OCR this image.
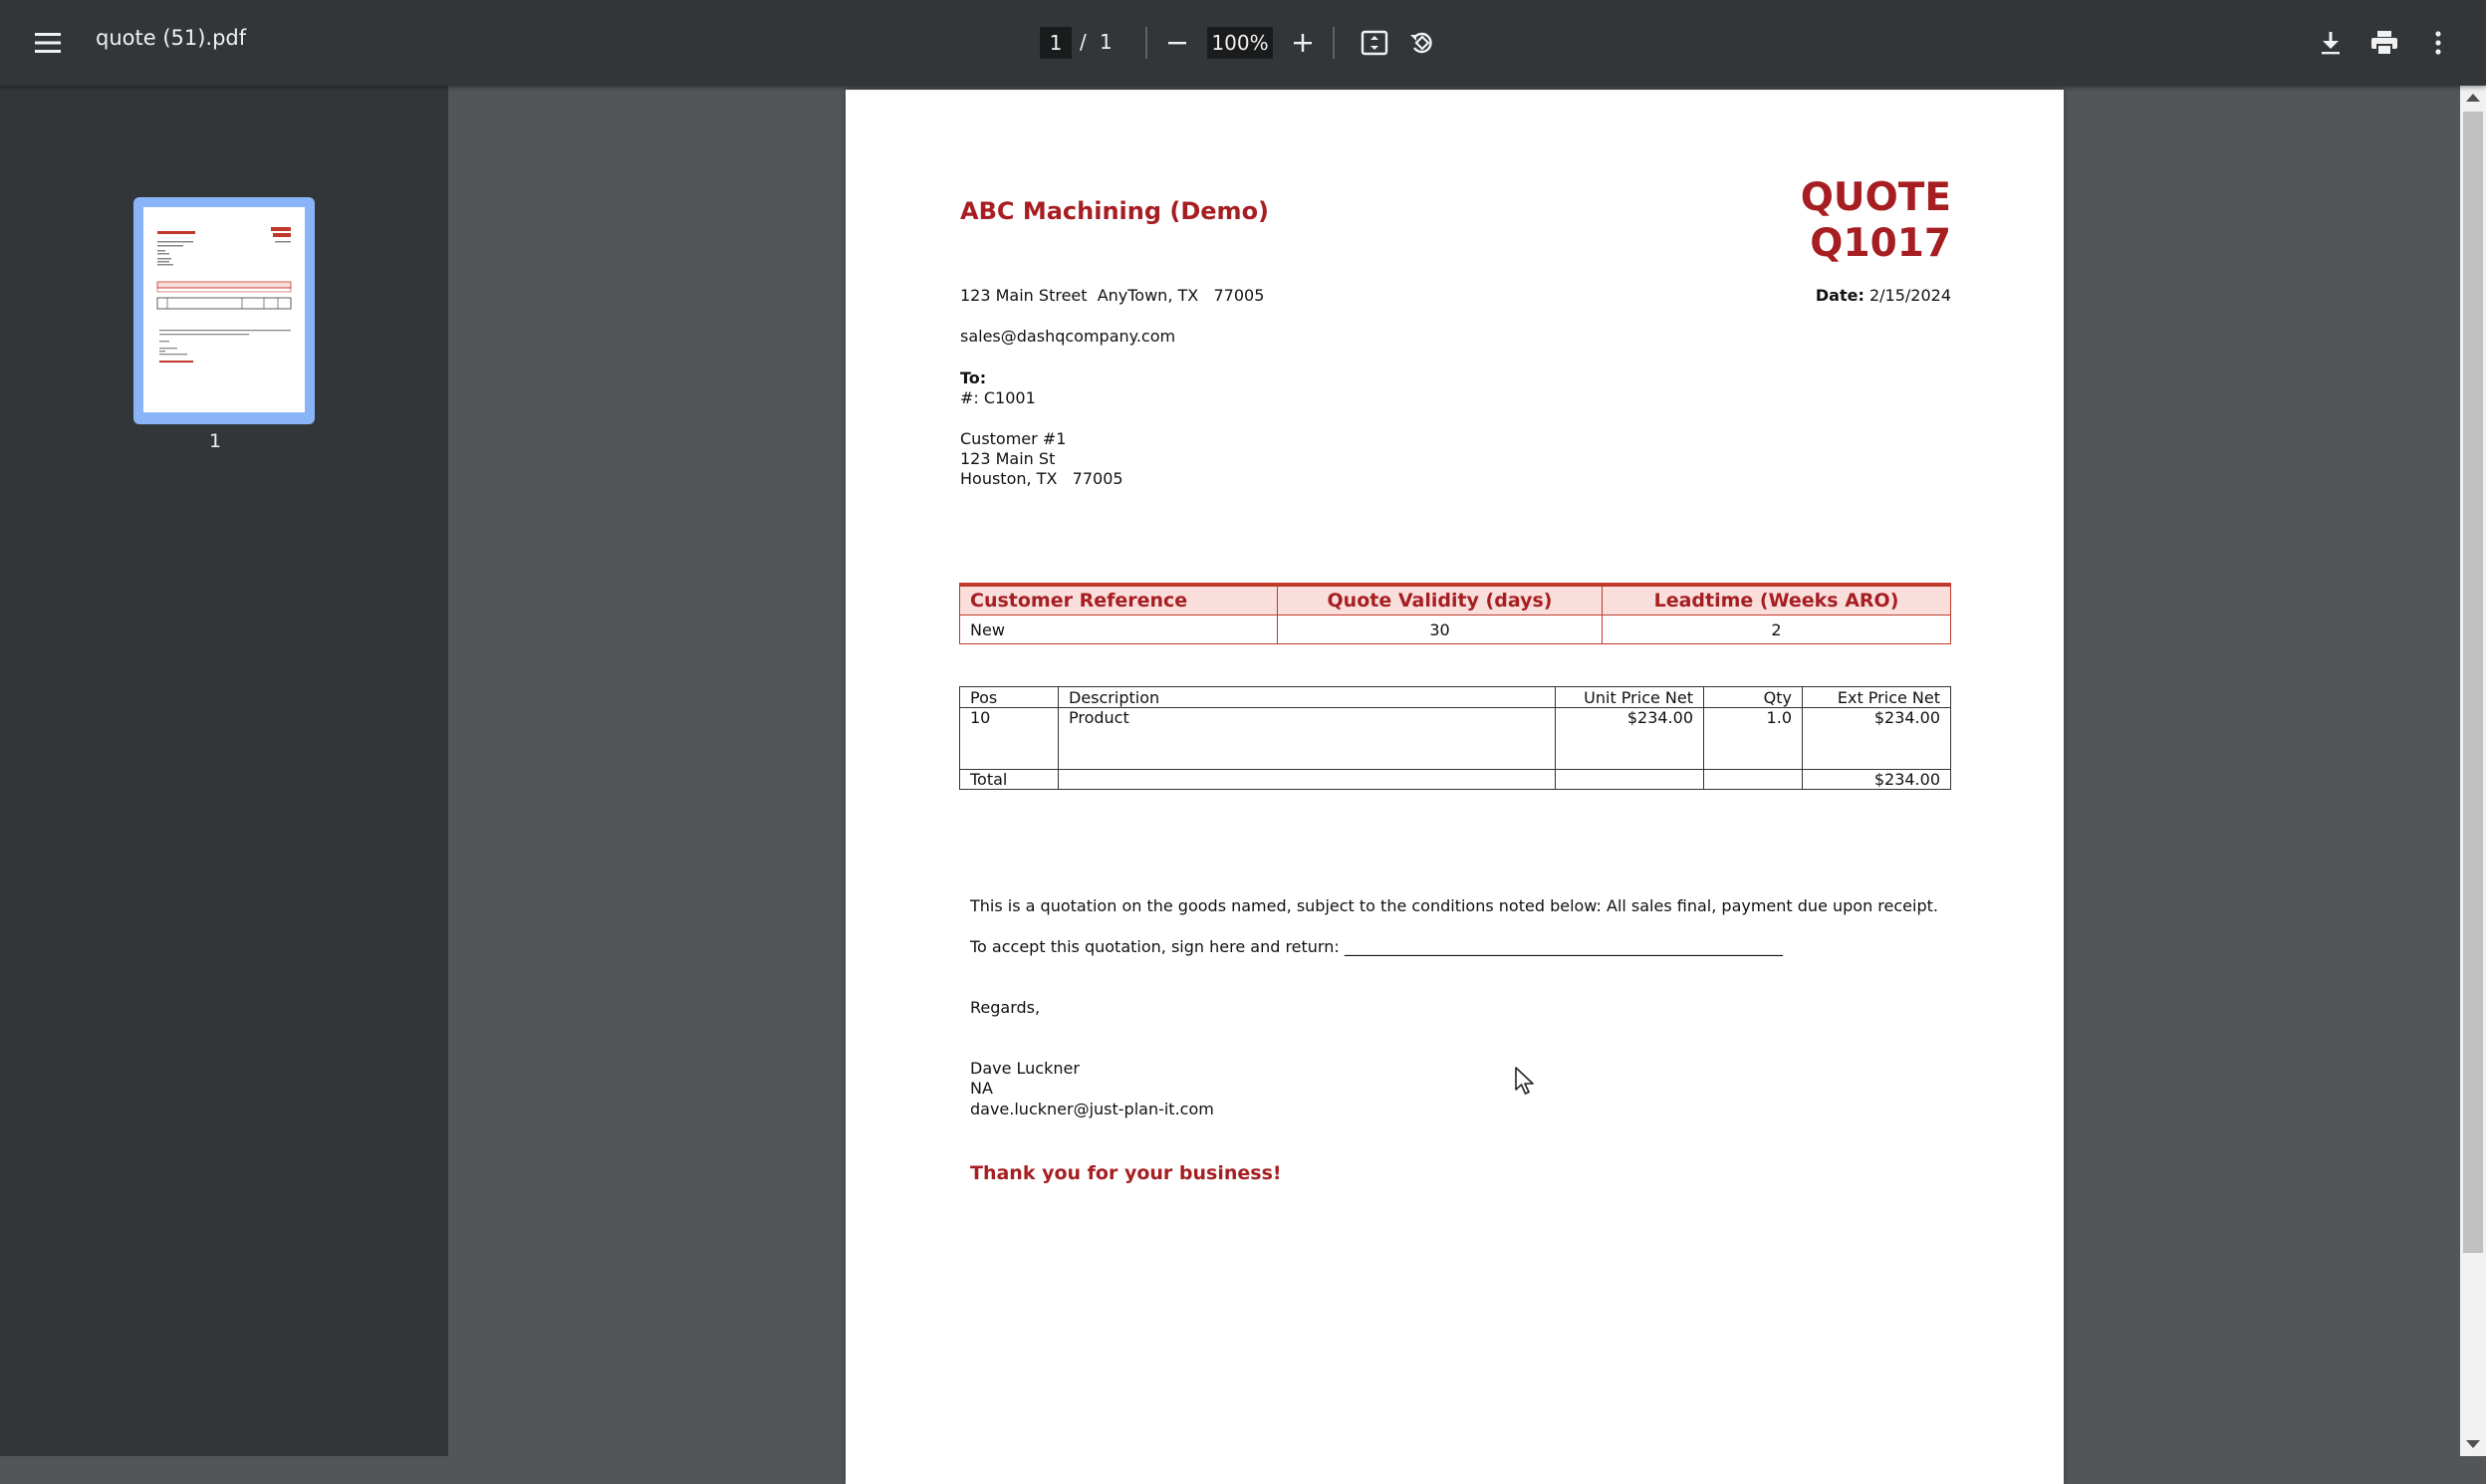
quote (51).pdf	1 / 1	100%
1
ABC Machining (Demo)	QUOTE
Q1017
123 Main Street  AnyTown, TX   77005	Date: 2/15/2024
sales@dashqcompany.com
To:
#: C1001
Customer #1
123 Main St
Houston, TX   77005
Customer Reference	Quote Validity (days)	Leadtime (Weeks ARO)
New	30	2
Pos	Description	Unit Price Net	Qty	Ext Price Net
10	Product	$234.00	1.0	$234.00
Total				$234.00
This is a quotation on the goods named, subject to the conditions noted below: All sales final, payment due upon receipt.
To accept this quotation, sign here and return: _______________________________________________________
Regards,
Dave Luckner
NA
dave.luckner@just-plan-it.com
Thank you for your business!
